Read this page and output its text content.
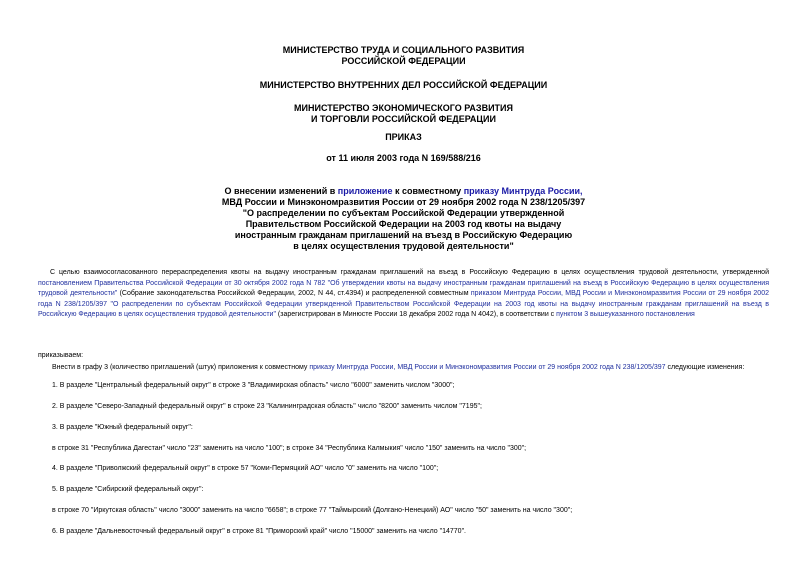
МИНИСТЕРСТВО ТРУДА И СОЦИАЛЬНОГО РАЗВИТИЯ
РОССИЙСКОЙ ФЕДЕРАЦИИ
МИНИСТЕРСТВО ВНУТРЕННИХ ДЕЛ РОССИЙСКОЙ ФЕДЕРАЦИИ
МИНИСТЕРСТВО ЭКОНОМИЧЕСКОГО РАЗВИТИЯ
И ТОРГОВЛИ РОССИЙСКОЙ ФЕДЕРАЦИИ
ПРИКАЗ
от 11 июля 2003 года N 169/588/216
О внесении изменений в приложение к совместному приказу Минтруда России,
МВД России и Минэкономразвития России от 29 ноября 2002 года N 238/1205/397
"О распределении по субъектам Российской Федерации утвержденной
Правительством Российской Федерации на 2003 год квоты на выдачу
иностранным гражданам приглашений на въезд в Российскую Федерацию
в целях осуществления трудовой деятельности"
С целью взаимосогласованного перераспределения квоты на выдачу иностранным гражданам приглашений на въезд в Российскую Федерацию в целях осуществления трудовой деятельности, утвержденной постановлением Правительства Российской Федерации от 30 октября 2002 года N 782 "Об утверждении квоты на выдачу иностранным гражданам приглашений на въезд в Российскую Федерацию в целях осуществления трудовой деятельности" (Собрание законодательства Российской Федерации, 2002, N 44, ст.4394) и распределенной совместным приказом Минтруда России, МВД России и Минэкономразвития России от 29 ноября 2002 года N 238/1205/397 "О распределении по субъектам Российской Федерации утвержденной Правительством Российской Федерации на 2003 год квоты на выдачу иностранным гражданам приглашений на въезд в Российскую Федерацию в целях осуществления трудовой деятельности" (зарегистрирован в Минюсте России 18 декабря 2002 года N 4042), в соответствии с пунктом 3 вышеуказанного постановления
приказываем:
Внести в графу 3 (количество приглашений (штук) приложения к совместному приказу Минтруда России, МВД России и Минэкономразвития России от 29 ноября 2002 года N 238/1205/397 следующие изменения:
1. В разделе "Центральный федеральный округ" в строке 3 "Владимирская область" число "6000" заменить числом "3000";
2. В разделе "Северо-Западный федеральный округ" в строке 23 "Калининградская область" число "8200" заменить числом "7195";
3. В разделе "Южный федеральный округ":
в строке 31 "Республика Дагестан" число "23" заменить на число "100"; в строке 34 "Республика Калмыкия" число "150" заменить на число "300";
4. В разделе "Приволжский федеральный округ" в строке 57 "Коми-Пермяцкий АО" число "0" заменить на число "100";
5. В разделе "Сибирский федеральный округ":
в строке 70 "Иркутская область" число "3000" заменить на число "6658"; в строке 77 "Таймырский (Долгано-Ненецкий) АО" число "50" заменить на число "300";
6. В разделе "Дальневосточный федеральный округ" в строке 81 "Приморский край" число "15000" заменить на число "14770".
